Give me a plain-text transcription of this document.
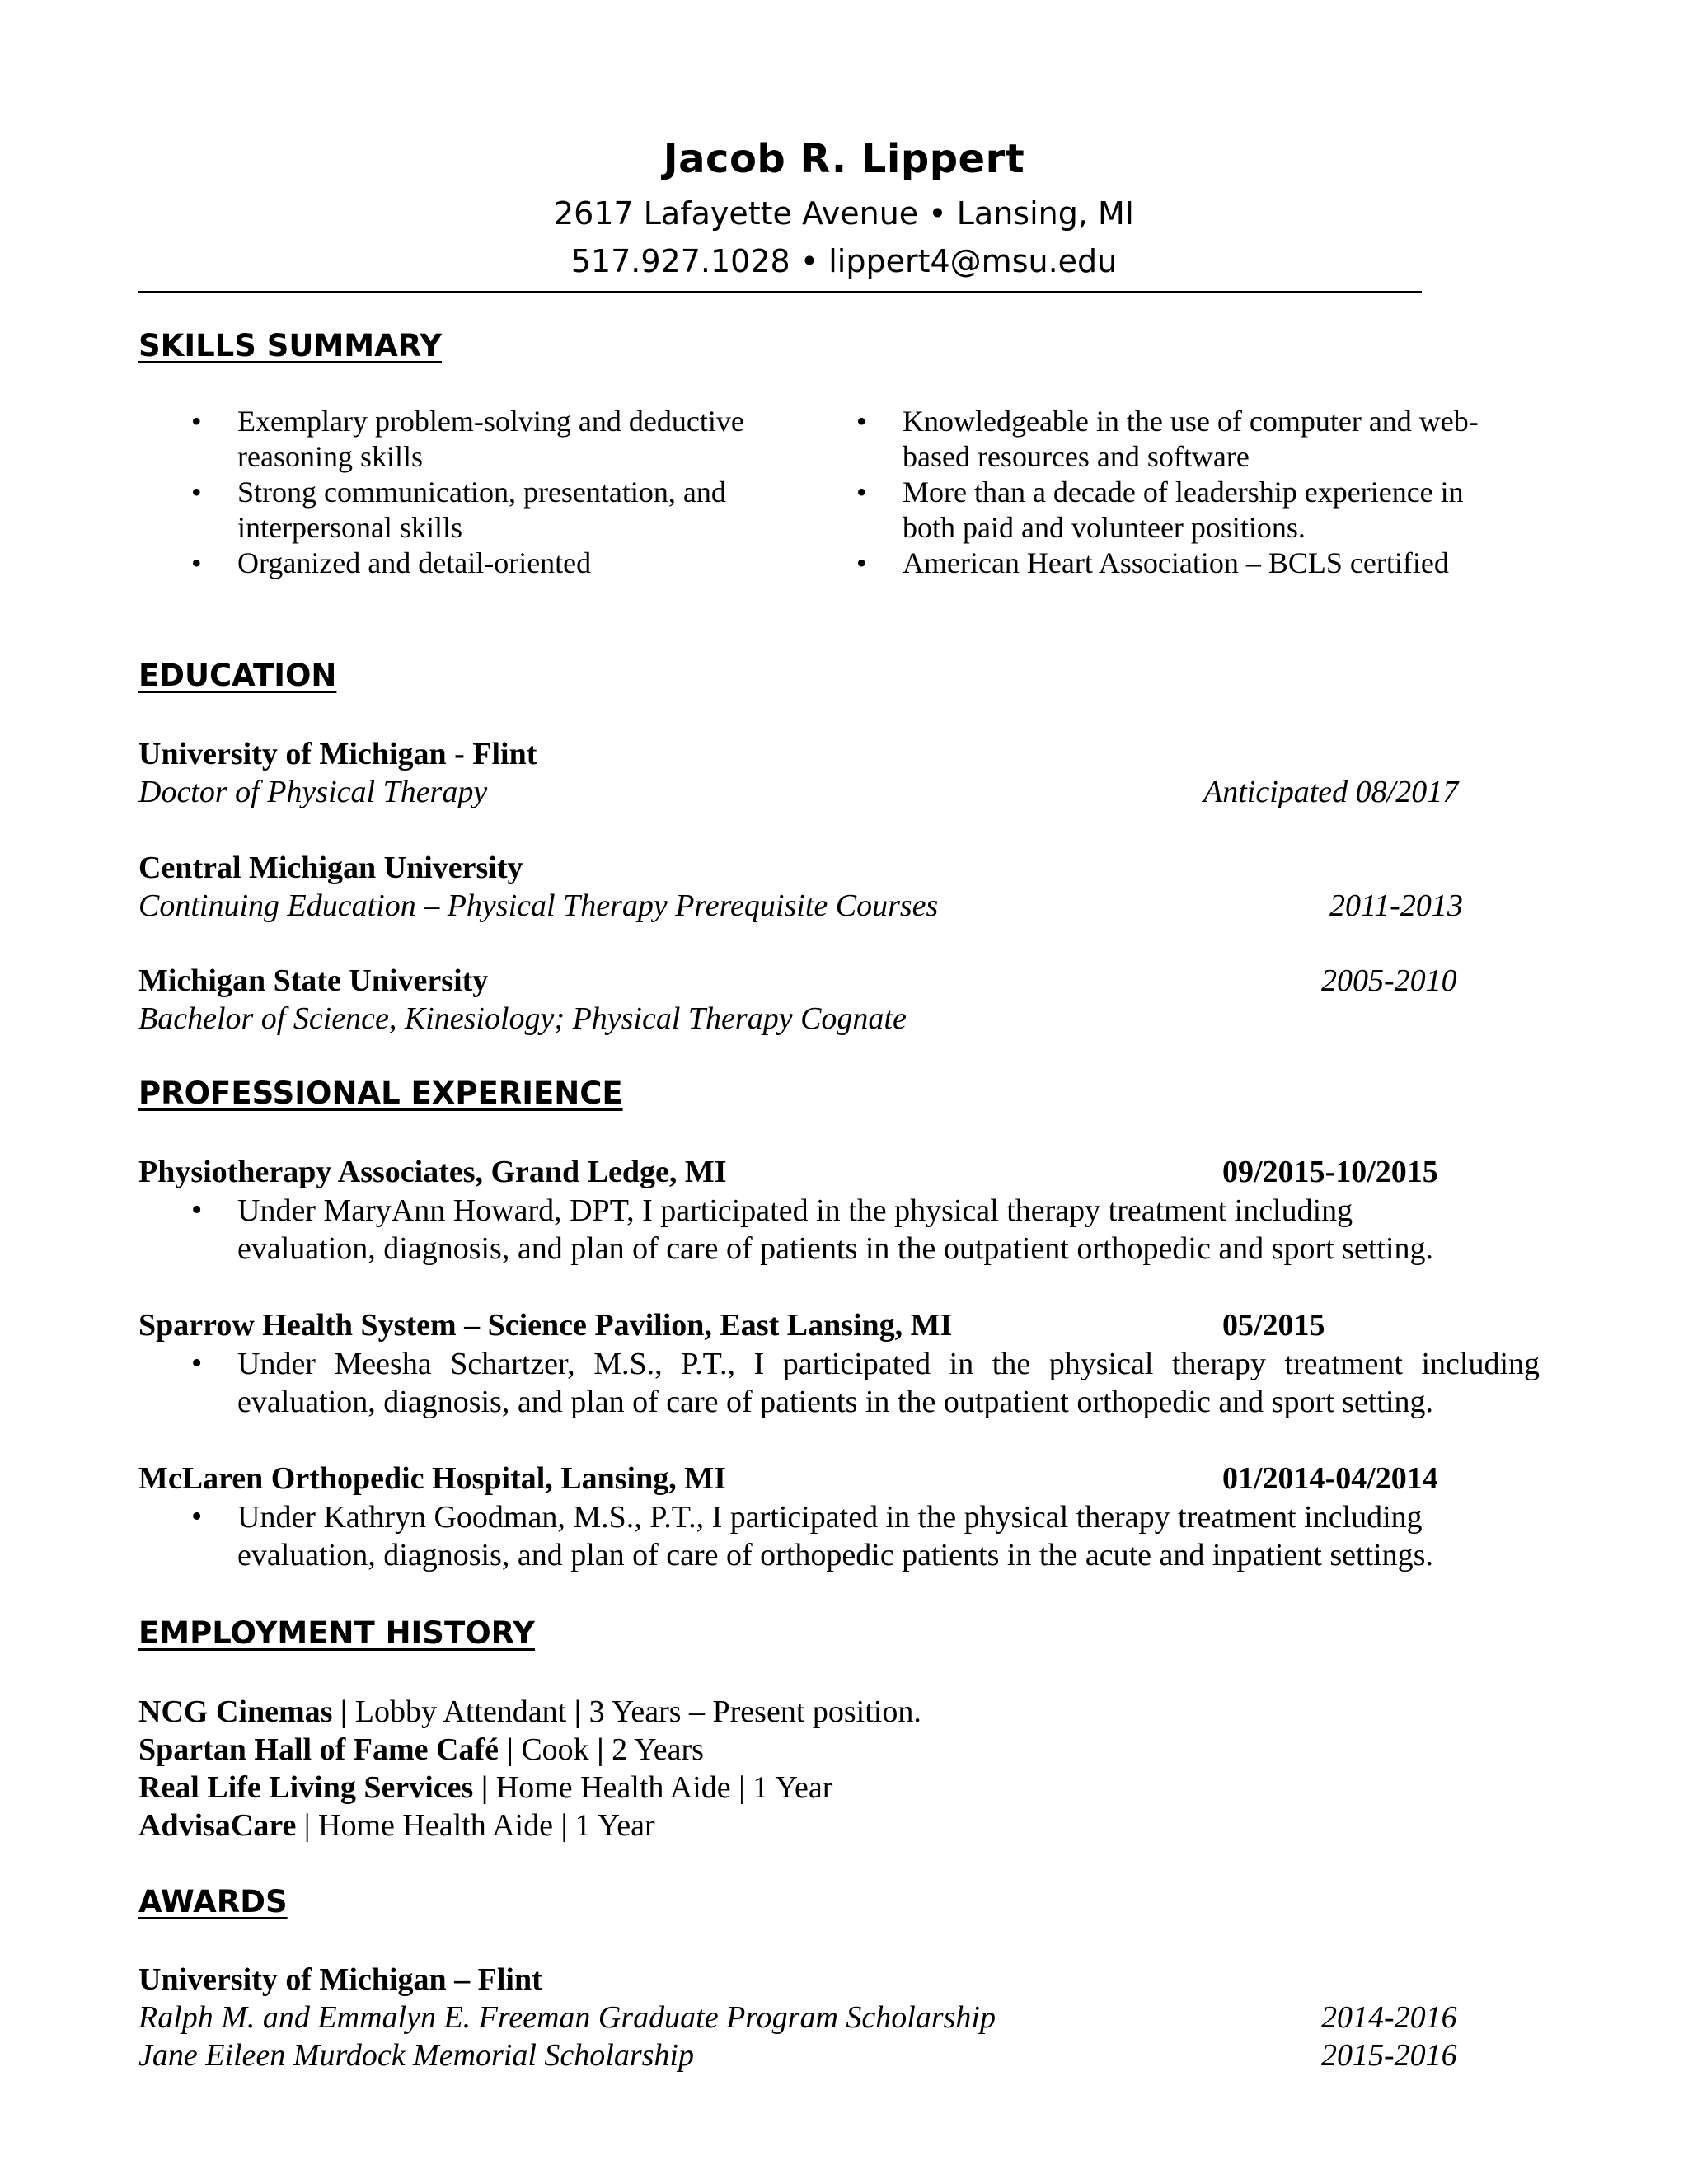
Jacob R. Lippert
2617 Lafayette Avenue • Lansing, MI
517.927.1028 • lippert4@msu.edu
SKILLS SUMMARY
• Exemplary problem-solving and deductive reasoning skills
• Strong communication, presentation, and interpersonal skills
• Organized and detail-oriented
• Knowledgeable in the use of computer and web-based resources and software
• More than a decade of leadership experience in both paid and volunteer positions.
• American Heart Association – BCLS certified
EDUCATION
University of Michigan - Flint
Doctor of Physical Therapy	Anticipated 08/2017
Central Michigan University
Continuing Education – Physical Therapy Prerequisite Courses	2011-2013
Michigan State University	2005-2010
Bachelor of Science, Kinesiology; Physical Therapy Cognate
PROFESSIONAL EXPERIENCE
Physiotherapy Associates, Grand Ledge, MI	09/2015-10/2015
• Under MaryAnn Howard, DPT, I participated in the physical therapy treatment including
evaluation, diagnosis, and plan of care of patients in the outpatient orthopedic and sport setting.
Sparrow Health System – Science Pavilion, East Lansing, MI	05/2015
• Under Meesha Schartzer, M.S., P.T., I participated in the physical therapy treatment including
evaluation, diagnosis, and plan of care of patients in the outpatient orthopedic and sport setting.
McLaren Orthopedic Hospital, Lansing, MI	01/2014-04/2014
• Under Kathryn Goodman, M.S., P.T., I participated in the physical therapy treatment including
evaluation, diagnosis, and plan of care of orthopedic patients in the acute and inpatient settings.
EMPLOYMENT HISTORY
NCG Cinemas | Lobby Attendant | 3 Years – Present position.
Spartan Hall of Fame Café | Cook | 2 Years
Real Life Living Services | Home Health Aide | 1 Year
AdvisaCare | Home Health Aide | 1 Year
AWARDS
University of Michigan – Flint
Ralph M. and Emmalyn E. Freeman Graduate Program Scholarship	2014-2016
Jane Eileen Murdock Memorial Scholarship	2015-2016
